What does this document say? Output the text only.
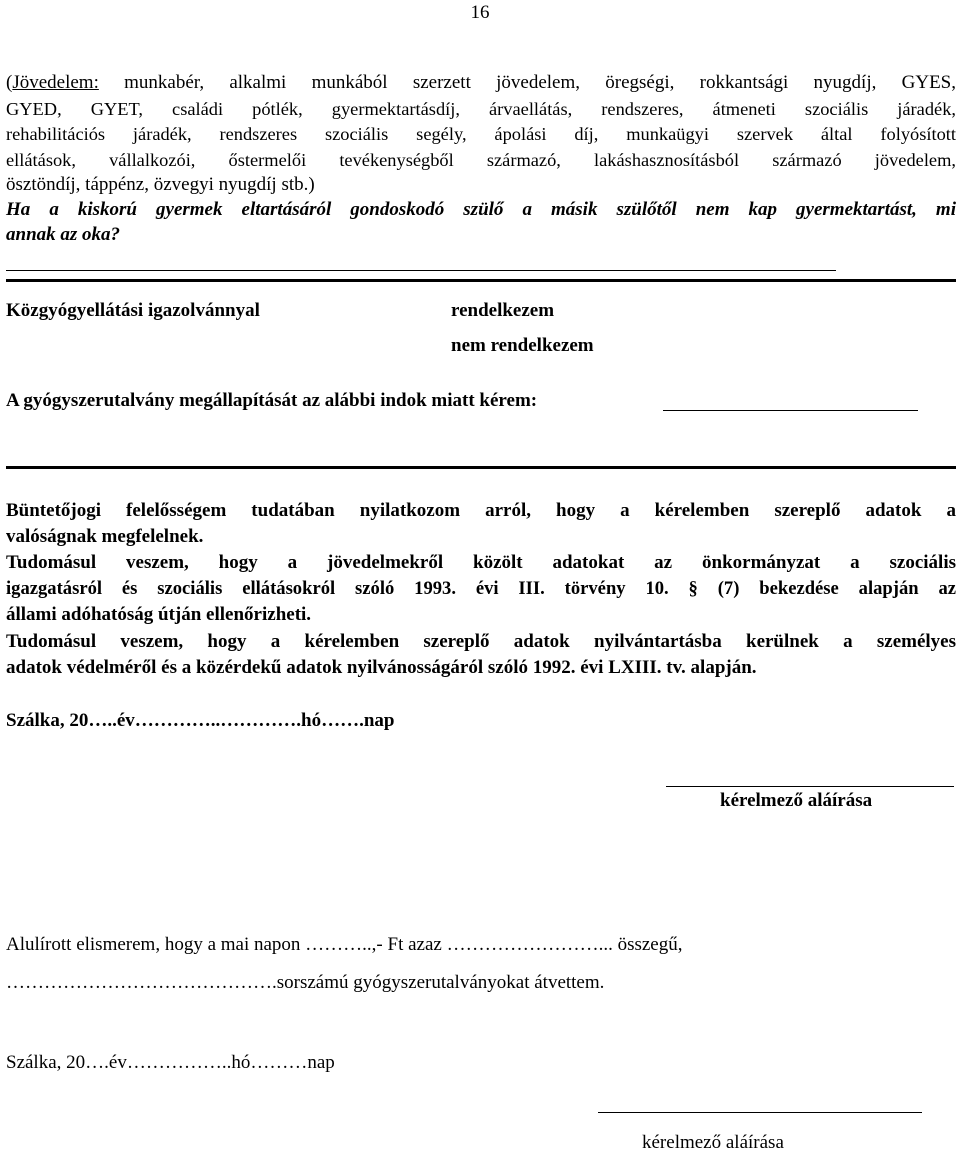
16
(Jövedelem: munkabér, alkalmi munkából szerzett jövedelem, öregségi, rokkantsági nyugdíj, GYES,
GYED, GYET, családi pótlék, gyermektartásdíj, árvaellátás, rendszeres, átmeneti szociális járadék,
rehabilitációs járadék, rendszeres szociális segély, ápolási díj, munkaügyi szervek által folyósított
ellátások, vállalkozói, őstermelői tevékenységből származó, lakáshasznosításból származó jövedelem,
ösztöndíj, táppénz, özvegyi nyugdíj stb.)
Ha a kiskorú gyermek eltartásáról gondoskodó szülő a másik szülőtől nem kap gyermektartást, mi
annak az oka?
Közgyógyellátási igazolvánnyal	rendelkezem
nem rendelkezem
A gyógyszerutalvány megállapítását az alábbi indok miatt kérem:
Büntetőjogi felelősségem tudatában nyilatkozom arról, hogy a kérelemben szereplő adatok a
valóságnak megfelelnek.
Tudomásul veszem, hogy a jövedelmekről közölt adatokat az önkormányzat a szociális
igazgatásról és szociális ellátásokról szóló 1993. évi III. törvény 10. § (7) bekezdése alapján az
állami adóhatóság útján ellenőrizheti.
Tudomásul veszem, hogy a kérelemben szereplő adatok nyilvántartásba kerülnek a személyes
adatok védelméről és a közérdekű adatok nyilvánosságáról szóló 1992. évi LXIII. tv. alapján.
Szálka, 20…..év…………..………….hó…….nap
kérelmező aláírása
Alulírott elismerem, hogy a mai napon ………..,- Ft azaz ……………………... összegű,
…………………………………….sorszámú gyógyszerutalványokat átvettem.
Szálka, 20….év……………..hó………nap
kérelmező aláírása
